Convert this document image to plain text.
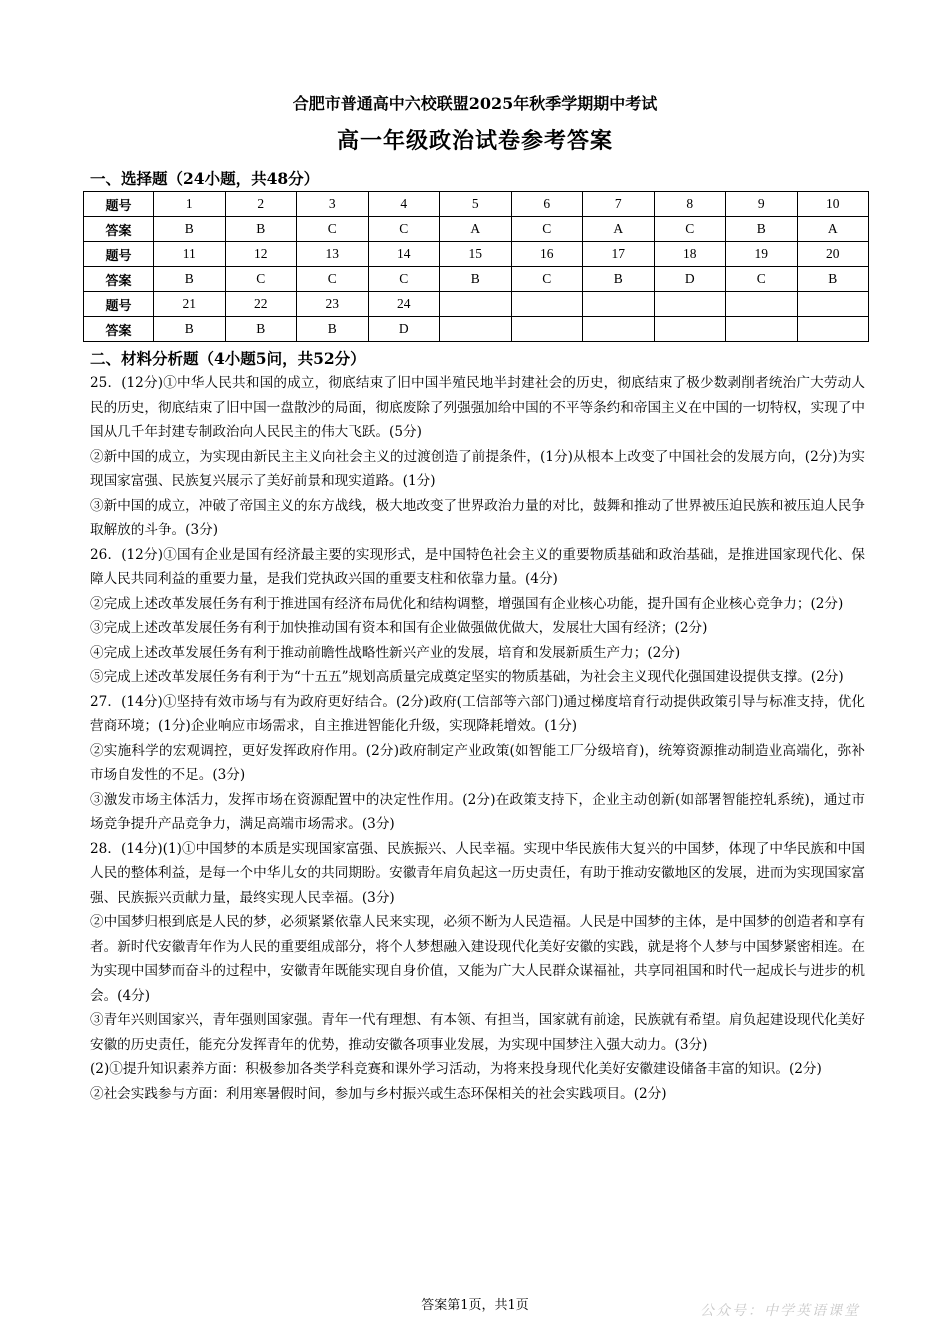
合肥市普通高中六校联盟2025年秋季学期期中考试
高一年级政治试卷参考答案
一、选择题（24小题，共48分）
题号	1	2	3	4	5	6	7	8	9	10
答案	B	B	C	C	A	C	A	C	B	A
题号	11	12	13	14	15	16	17	18	19	20
答案	B	C	C	C	B	C	B	D	C	B
题号	21	22	23	24						
答案	B	B	B	D						
二、材料分析题（4小题5问，共52分）

25．(12分)①中华人民共和国的成立，彻底结束了旧中国半殖民地半封建社会的历史，彻底结束了极少数剥削者统治广大劳动人民的历史，彻底结束了旧中国一盘散沙的局面，彻底废除了列强强加给中国的不平等条约和帝国主义在中国的一切特权，实现了中国从几千年封建专制政治向人民民主的伟大飞跃。(5分)

②新中国的成立，为实现由新民主主义向社会主义的过渡创造了前提条件，(1分)从根本上改变了中国社会的发展方向，(2分)为实现国家富强、民族复兴展示了美好前景和现实道路。(1分)

③新中国的成立，冲破了帝国主义的东方战线，极大地改变了世界政治力量的对比，鼓舞和推动了世界被压迫民族和被压迫人民争取解放的斗争。(3分)

26．(12分)①国有企业是国有经济最主要的实现形式，是中国特色社会主义的重要物质基础和政治基础，是推进国家现代化、保障人民共同利益的重要力量，是我们党执政兴国的重要支柱和依靠力量。(4分)

②完成上述改革发展任务有利于推进国有经济布局优化和结构调整，增强国有企业核心功能，提升国有企业核心竞争力；(2分)

③完成上述改革发展任务有利于加快推动国有资本和国有企业做强做优做大，发展壮大国有经济；(2分)

④完成上述改革发展任务有利于推动前瞻性战略性新兴产业的发展，培育和发展新质生产力；(2分)

⑤完成上述改革发展任务有利于为“十五五”规划高质量完成奠定坚实的物质基础，为社会主义现代化强国建设提供支撑。(2分)

27．(14分)①坚持有效市场与有为政府更好结合。(2分)政府(工信部等六部门)通过梯度培育行动提供政策引导与标准支持，优化营商环境；(1分)企业响应市场需求，自主推进智能化升级，实现降耗增效。(1分)

②实施科学的宏观调控，更好发挥政府作用。(2分)政府制定产业政策(如智能工厂分级培育)，统筹资源推动制造业高端化，弥补市场自发性的不足。(3分)

③激发市场主体活力，发挥市场在资源配置中的决定性作用。(2分)在政策支持下，企业主动创新(如部署智能控轧系统)，通过市场竞争提升产品竞争力，满足高端市场需求。(3分)

28．(14分)(1)①中国梦的本质是实现国家富强、民族振兴、人民幸福。实现中华民族伟大复兴的中国梦，体现了中华民族和中国人民的整体利益，是每一个中华儿女的共同期盼。安徽青年肩负起这一历史责任，有助于推动安徽地区的发展，进而为实现国家富强、民族振兴贡献力量，最终实现人民幸福。(3分)

②中国梦归根到底是人民的梦，必须紧紧依靠人民来实现，必须不断为人民造福。人民是中国梦的主体，是中国梦的创造者和享有者。新时代安徽青年作为人民的重要组成部分，将个人梦想融入建设现代化美好安徽的实践，就是将个人梦与中国梦紧密相连。在为实现中国梦而奋斗的过程中，安徽青年既能实现自身价值，又能为广大人民群众谋福祉，共享同祖国和时代一起成长与进步的机会。(4分)

③青年兴则国家兴，青年强则国家强。青年一代有理想、有本领、有担当，国家就有前途，民族就有希望。肩负起建设现代化美好安徽的历史责任，能充分发挥青年的优势，推动安徽各项事业发展，为实现中国梦注入强大动力。(3分)

(2)①提升知识素养方面：积极参加各类学科竞赛和课外学习活动，为将来投身现代化美好安徽建设储备丰富的知识。(2分)

②社会实践参与方面：利用寒暑假时间，参加与乡村振兴或生态环保相关的社会实践项目。(2分)

答案第1页，共1页	公众号：中学英语课堂
